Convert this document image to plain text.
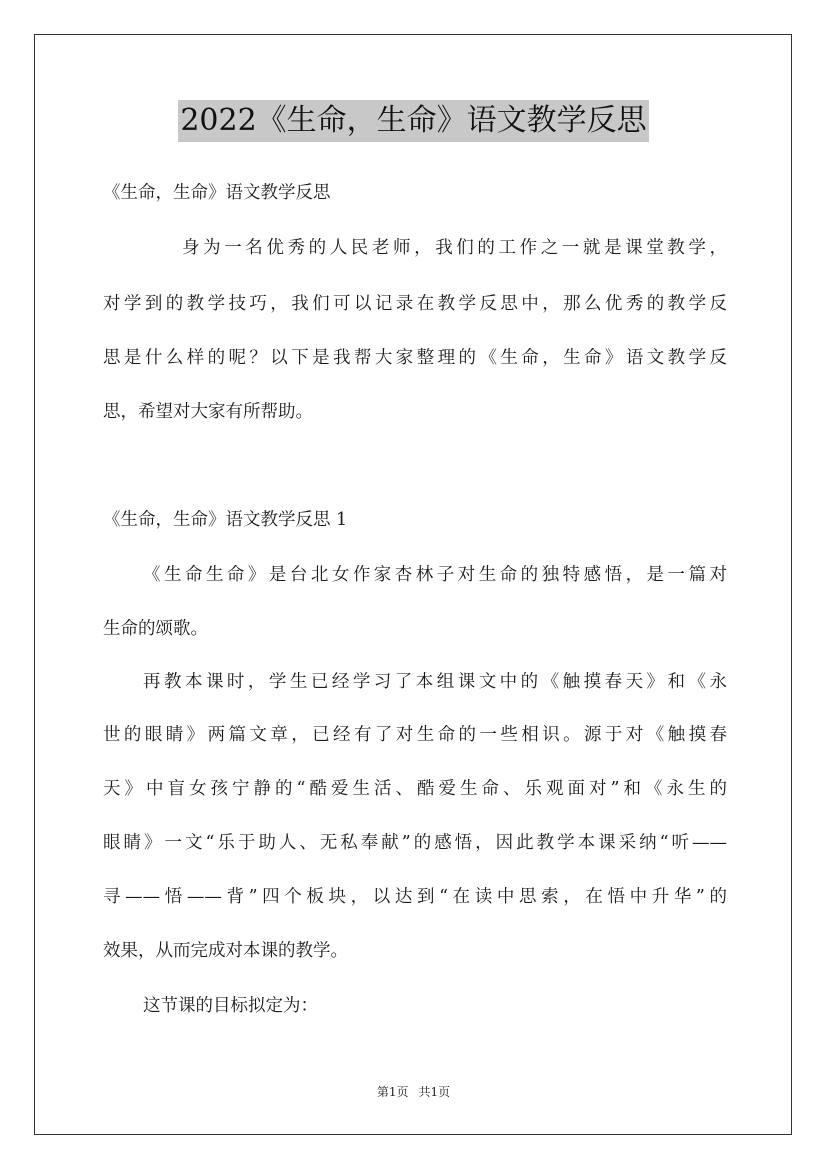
2022《生命，生命》语文教学反思
《生命，生命》语文教学反思
身为一名优秀的人民老师，我们的工作之一就是课堂教学，
对学到的教学技巧，我们可以记录在教学反思中，那么优秀的教学反
思是什么样的呢？以下是我帮大家整理的《生命，生命》语文教学反
思，希望对大家有所帮助。
《生命，生命》语文教学反思 1
《生命生命》是台北女作家杏林子对生命的独特感悟，是一篇对
生命的颂歌。
再教本课时，学生已经学习了本组课文中的《触摸春天》和《永
世的眼睛》两篇文章，已经有了对生命的一些相识。源于对《触摸春
天》中盲女孩宁静的“酷爱生活、酷爱生命、乐观面对”和《永生的
眼睛》一文“乐于助人、无私奉献”的感悟，因此教学本课采纳“听——
寻——悟——背”四个板块，以达到“在读中思索，在悟中升华”的
效果，从而完成对本课的教学。
这节课的目标拟定为：
第1页 共1页
